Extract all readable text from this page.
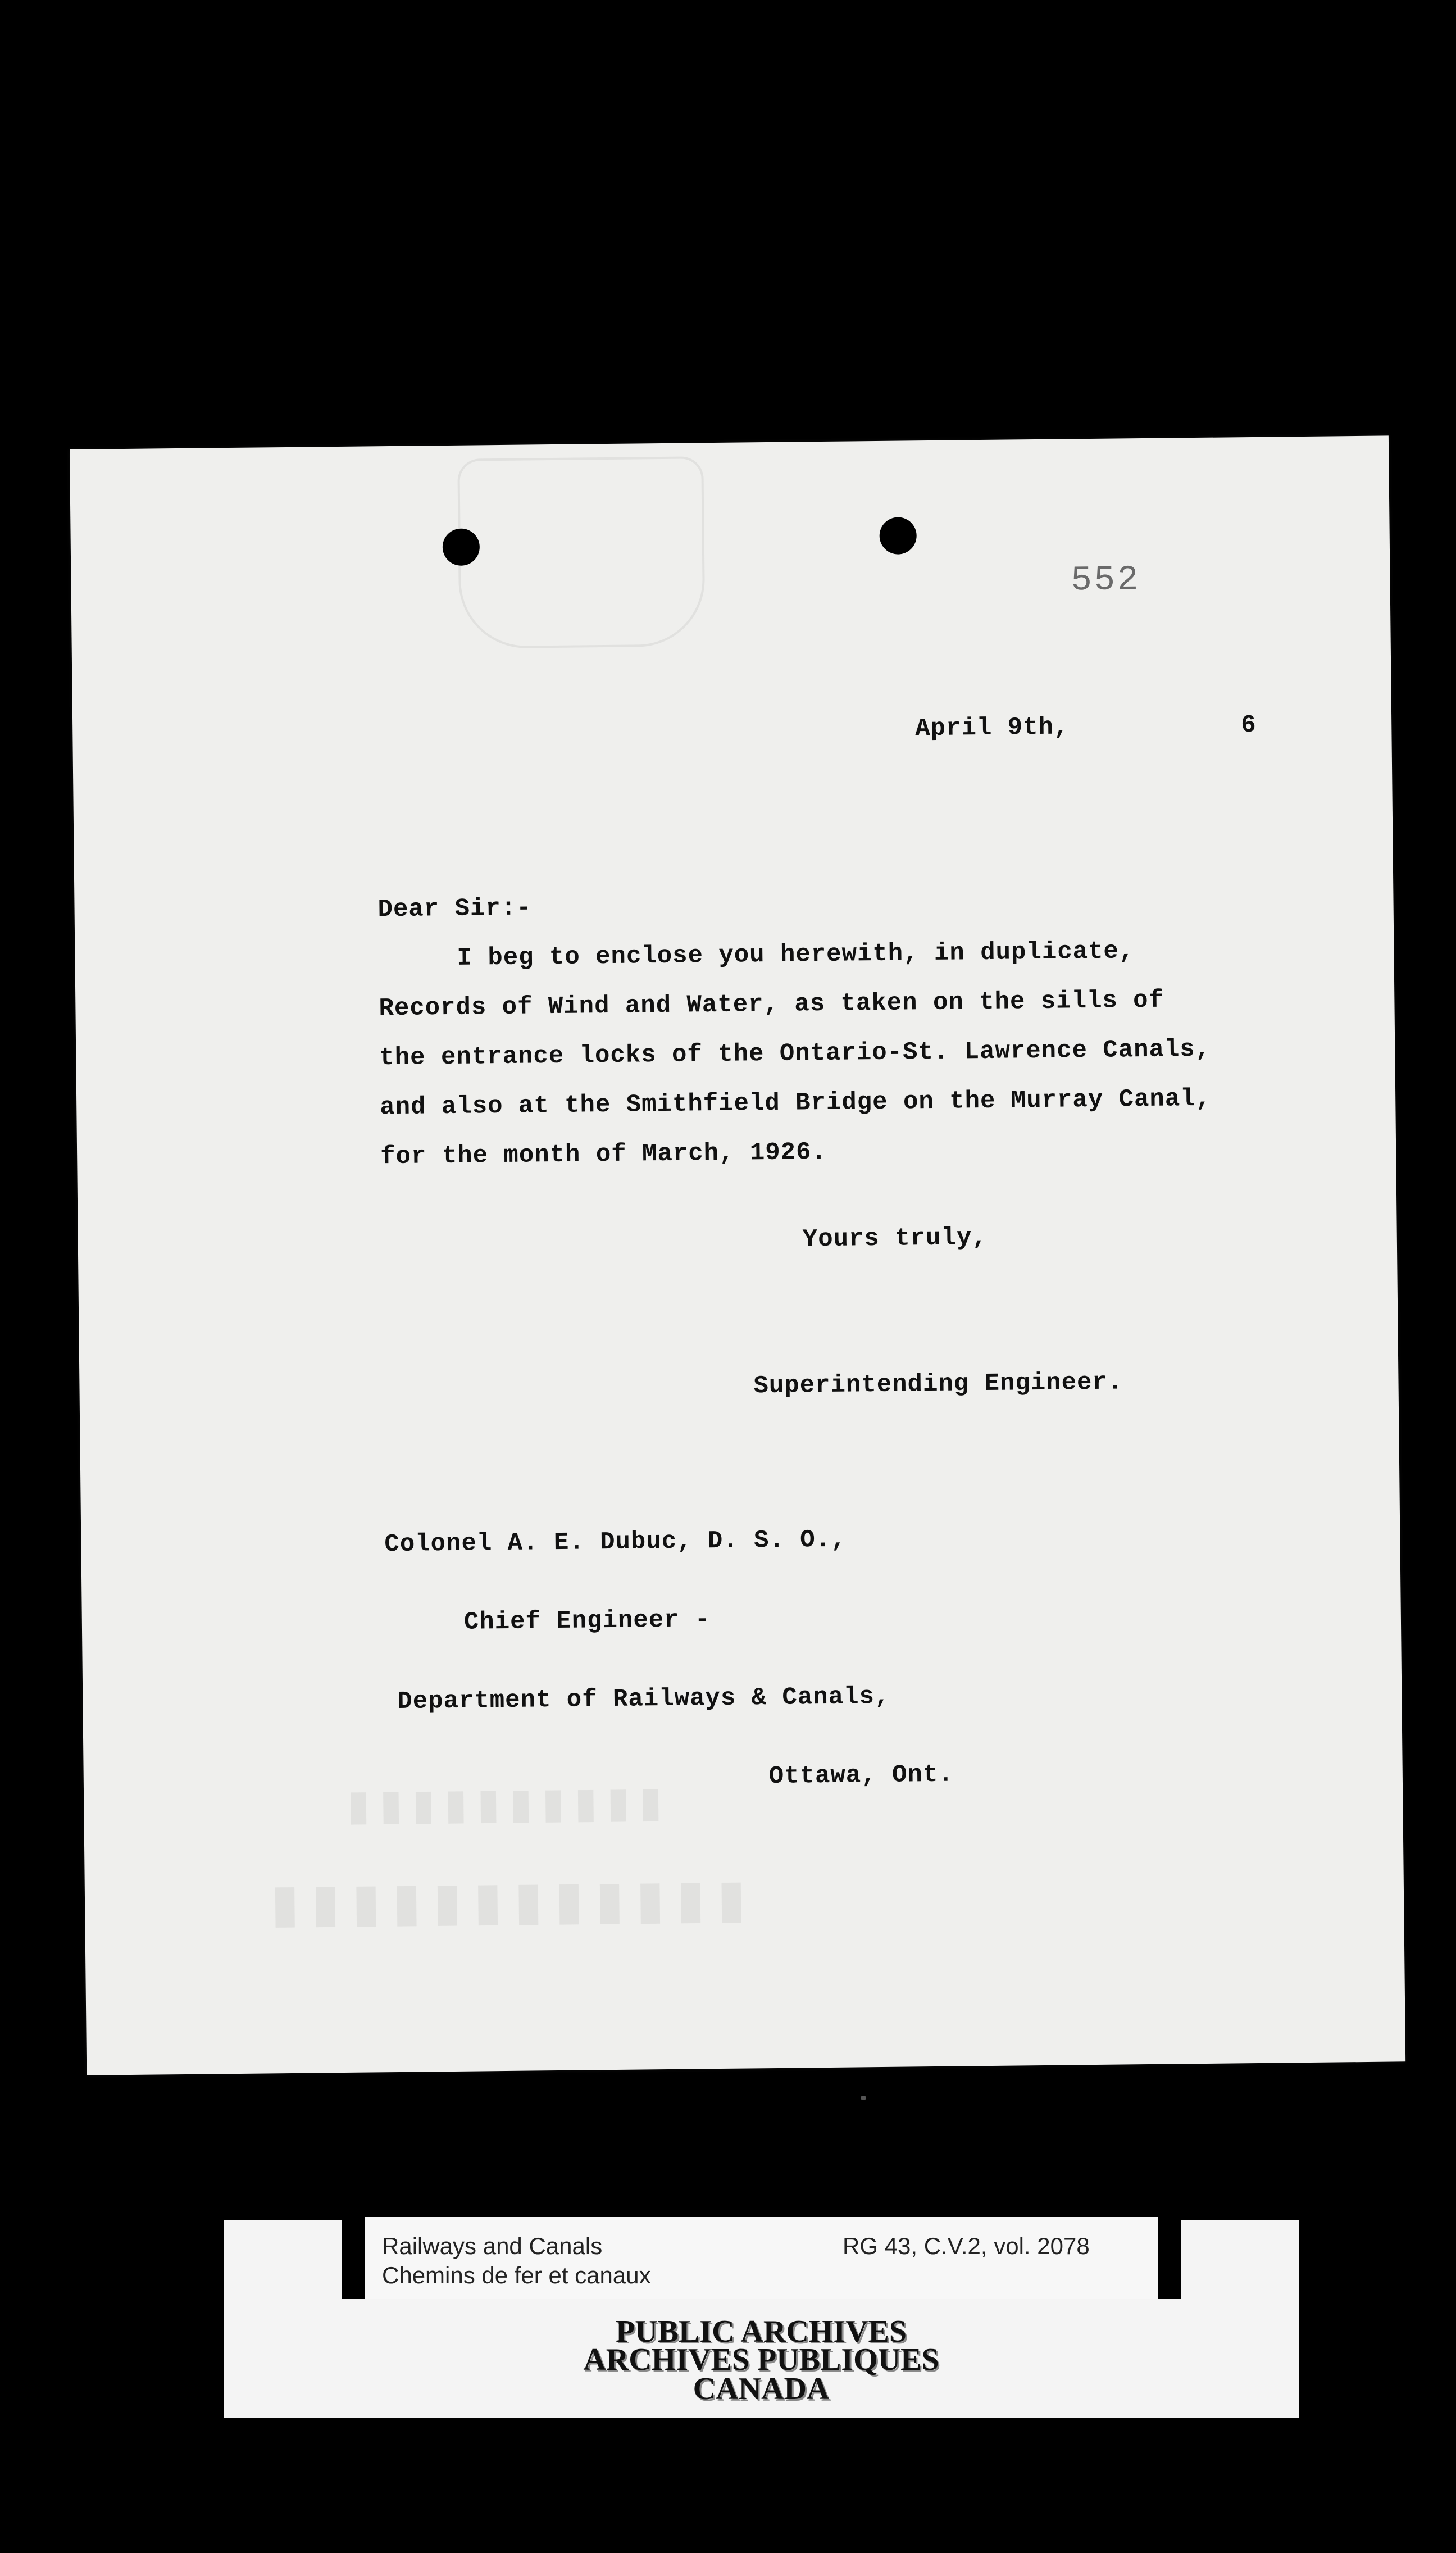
552
April 9th,	6
Dear Sir:-
I beg to enclose you herewith, in duplicate,
Records of Wind and Water, as taken on the sills of
the entrance locks of the Ontario-St. Lawrence Canals,
and also at the Smithfield Bridge on the Murray Canal,
for the month of March, 1926.
Yours truly,
Superintending Engineer.
Colonel A. E. Dubuc, D. S. O.,
Chief Engineer -
Department of Railways & Canals,
Ottawa, Ont.
▮▮▮▮▮▮▮▮▮▮
▮▮▮▮▮▮▮▮▮▮▮▮
Railways and Canals
Chemins de fer et canaux
RG 43, C.V.2, vol. 2078
PUBLIC ARCHIVES
ARCHIVES PUBLIQUES
CANADA
